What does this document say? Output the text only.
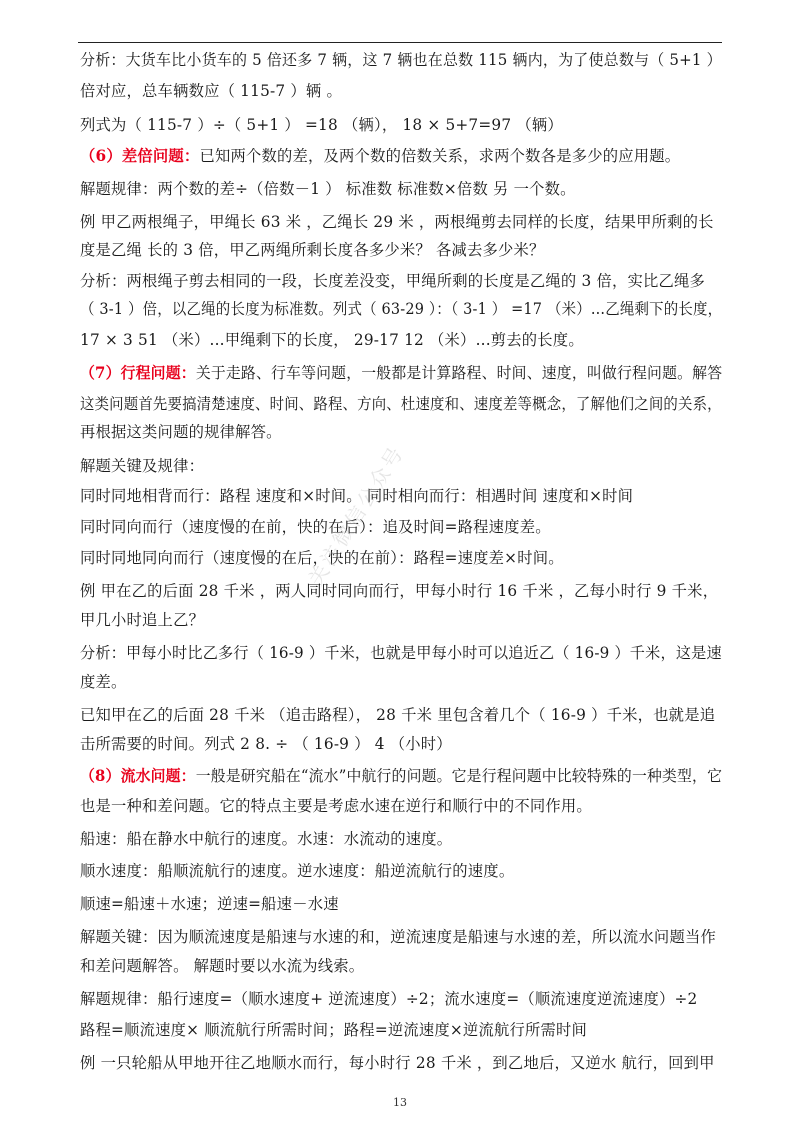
分析：大货车比小货车的 5 倍还多 7 辆，这 7 辆也在总数 115 辆内，为了使总数与（ 5+1 ）
倍对应，总车辆数应（ 115-7 ）辆 。
列式为（ 115-7 ）÷（ 5+1 ） =18 （辆）， 18 × 5+7=97 （辆）
（6）差倍问题：已知两个数的差，及两个数的倍数关系，求两个数各是多少的应用题。
解题规律：两个数的差÷（倍数－1 ） 标准数 标准数×倍数 另 一个数。
例 甲乙两根绳子，甲绳长 63 米 ，乙绳长 29 米 ，两根绳剪去同样的长度，结果甲所剩的长
度是乙绳 长的 3 倍，甲乙两绳所剩长度各多少米？ 各减去多少米？
分析：两根绳子剪去相同的一段，长度差没变，甲绳所剩的长度是乙绳的 3 倍，实比乙绳多
（ 3-1 ）倍，以乙绳的长度为标准数。列式（ 63-29 ）：（ 3-1 ） =17 （米）...乙绳剩下的长度，
17 × 3 51 （米）...甲绳剩下的长度， 29-17 12 （米）...剪去的长度。
（7）行程问题：关于走路、行车等问题，一般都是计算路程、时间、速度，叫做行程问题。解答
这类问题首先要搞清楚速度、时间、路程、方向、杜速度和、速度差等概念，了解他们之间的关系，
再根据这类问题的规律解答。
解题关键及规律：
同时同地相背而行：路程 速度和×时间。 同时相向而行：相遇时间 速度和×时间
同时同向而行（速度慢的在前，快的在后）：追及时间=路程速度差。
同时同地同向而行（速度慢的在后，快的在前）：路程=速度差×时间。
例 甲在乙的后面 28 千米 ，两人同时同向而行，甲每小时行 16 千米 ，乙每小时行 9 千米，
甲几小时追上乙？
分析：甲每小时比乙多行（ 16-9 ）千米，也就是甲每小时可以追近乙（ 16-9 ）千米，这是速
度差。
已知甲在乙的后面 28 千米 （追击路程）， 28 千米 里包含着几个（ 16-9 ）千米，也就是追
击所需要的时间。列式 2 8. ÷ （ 16-9 ） 4 （小时）
（8）流水问题：一般是研究船在“流水”中航行的问题。它是行程问题中比较特殊的一种类型，它
也是一种和差问题。它的特点主要是考虑水速在逆行和顺行中的不同作用。
船速：船在静水中航行的速度。水速：水流动的速度。
顺水速度：船顺流航行的速度。逆水速度：船逆流航行的速度。
顺速=船速＋水速；逆速=船速－水速
解题关键：因为顺流速度是船速与水速的和，逆流速度是船速与水速的差，所以流水问题当作
和差问题解答。 解题时要以水流为线索。
解题规律：船行速度=（顺水速度+ 逆流速度）÷2；流水速度=（顺流速度逆流速度）÷2
路程=顺流速度× 顺流航行所需时间；路程=逆流速度×逆流航行所需时间
例 一只轮船从甲地开往乙地顺水而行，每小时行 28 千米 ，到乙地后，又逆水 航行，回到甲
关注微信公众号
13
